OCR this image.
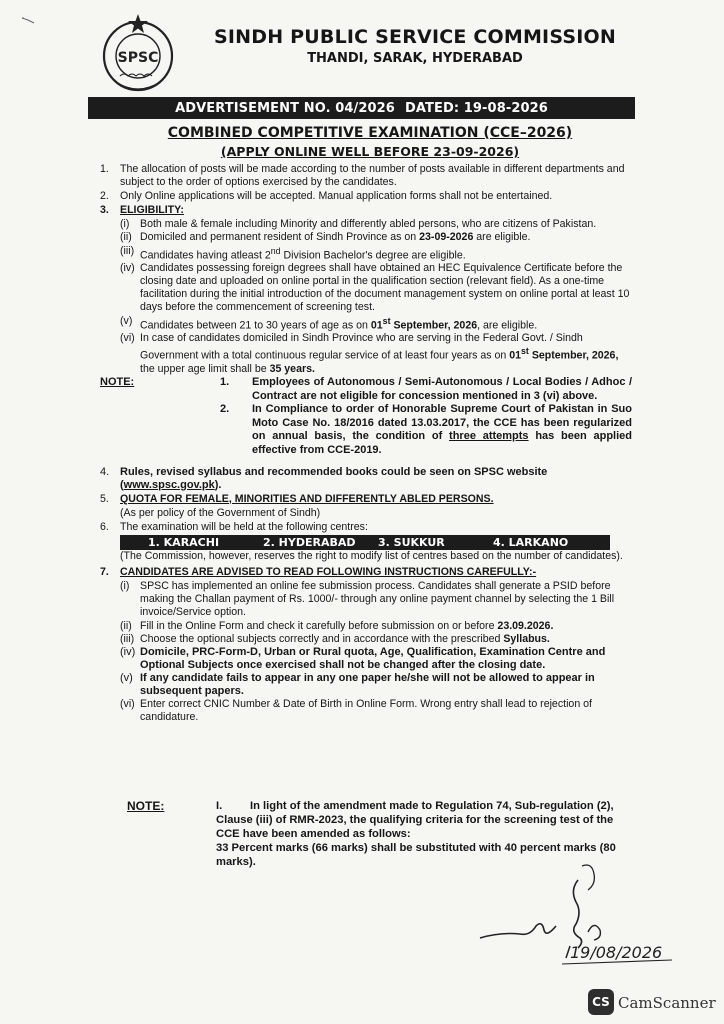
SPSC
SINDH PUBLIC SERVICE COMMISSION
THANDI, SARAK, HYDERABAD
ADVERTISEMENT NO. 04/2026 DATED: 19-08-2026
COMBINED COMPETITIVE EXAMINATION (CCE–2026)
(APPLY ONLINE WELL BEFORE 23-09-2026)
1.	The allocation of posts will be made according to the number of posts available in different departments and subject to the order of options exercised by the candidates.
2.	Only Online applications will be accepted. Manual application forms shall not be entertained.
3.	ELIGIBILITY:
(i) Both male & female including Minority and differently abled persons, who are citizens of Pakistan.
(ii) Domiciled and permanent resident of Sindh Province as on 23-09-2026 are eligible.
(iii) Candidates having atleast 2nd Division Bachelor's degree are eligible.
(iv) Candidates possessing foreign degrees shall have obtained an HEC Equivalence Certificate before the closing date and uploaded on online portal in the qualification section (relevant field). As a one-time facilitation during the initial introduction of the document management system on online portal at least 10 days before the commencement of screening test.
(v) Candidates between 21 to 30 years of age as on 01st September, 2026, are eligible.
(vi) In case of candidates domiciled in Sindh Province who are serving in the Federal Govt. / Sindh Government with a total continuous regular service of at least four years as on 01st September, 2026, the upper age limit shall be 35 years.
NOTE:	1. Employees of Autonomous / Semi-Autonomous / Local Bodies / Adhoc / Contract are not eligible for concession mentioned in 3 (vi) above.
2. In Compliance to order of Honorable Supreme Court of Pakistan in Suo Moto Case No. 18/2016 dated 13.03.2017, the CCE has been regularized on annual basis, the condition of three attempts has been applied effective from CCE-2019.
4. Rules, revised syllabus and recommended books could be seen on SPSC website (www.spsc.gov.pk).
5.	QUOTA FOR FEMALE, MINORITIES AND DIFFERENTLY ABLED PERSONS.
(As per policy of the Government of Sindh)
6.	The examination will be held at the following centres:
1. KARACHI	2. HYDERABAD	3. SUKKUR	4. LARKANO
(The Commission, however, reserves the right to modify list of centres based on the number of candidates).
7.	CANDIDATES ARE ADVISED TO READ FOLLOWING INSTRUCTIONS CAREFULLY:-
(i) SPSC has implemented an online fee submission process. Candidates shall generate a PSID before making the Challan payment of Rs. 1000/- through any online payment channel by selecting the 1 Bill invoice/Service option.
(ii) Fill in the Online Form and check it carefully before submission on or before 23.09.2026.
(iii) Choose the optional subjects correctly and in accordance with the prescribed Syllabus.
(iv) Domicile, PRC-Form-D, Urban or Rural quota, Age, Qualification, Examination Centre and Optional Subjects once exercised shall not be changed after the closing date.
(v) If any candidate fails to appear in any one paper he/she will not be allowed to appear in subsequent papers.
(vi) Enter correct CNIC Number & Date of Birth in Online Form. Wrong entry shall lead to rejection of candidature.
NOTE:	I.	In light of the amendment made to Regulation 74, Sub-regulation (2), Clause (iii) of RMR-2023, the qualifying criteria for the screening test of the CCE have been amended as follows:
33 Percent marks (66 marks) shall be substituted with 40 percent marks (80 marks).
19/08/2026
CS CamScanner
